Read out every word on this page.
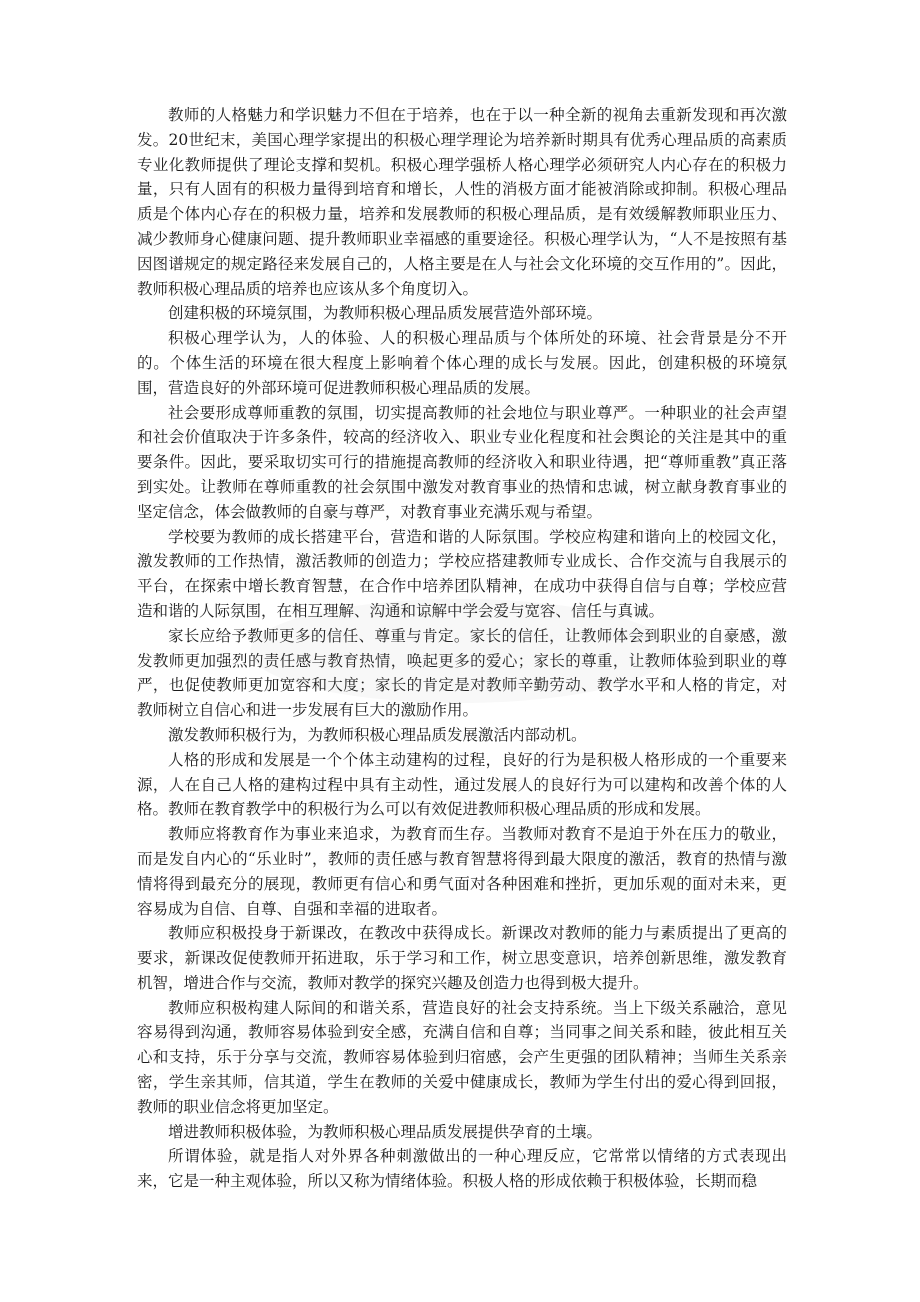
教师的人格魅力和学识魅力不但在于培养，也在于以一种全新的视角去重新发现和再次激发。20世纪末，美国心理学家提出的积极心理学理论为培养新时期具有优秀心理品质的高素质专业化教师提供了理论支撑和契机。积极心理学强桥人格心理学必须研究人内心存在的积极力量，只有人固有的积极力量得到培育和增长，人性的消极方面才能被消除或抑制。积极心理品质是个体内心存在的积极力量，培养和发展教师的积极心理品质，是有效缓解教师职业压力、减少教师身心健康问题、提升教师职业幸福感的重要途径。积极心理学认为，“人不是按照有基因图谱规定的规定路径来发展自己的，人格主要是在人与社会文化环境的交互作用的”。因此，教师积极心理品质的培养也应该从多个角度切入。

创建积极的环境氛围，为教师积极心理品质发展营造外部环境。

积极心理学认为，人的体验、人的积极心理品质与个体所处的环境、社会背景是分不开的。个体生活的环境在很大程度上影响着个体心理的成长与发展。因此，创建积极的环境氛围，营造良好的外部环境可促进教师积极心理品质的发展。

社会要形成尊师重教的氛围，切实提高教师的社会地位与职业尊严。一种职业的社会声望和社会价值取决于许多条件，较高的经济收入、职业专业化程度和社会舆论的关注是其中的重要条件。因此，要采取切实可行的措施提高教师的经济收入和职业待遇，把“尊师重教”真正落到实处。让教师在尊师重教的社会氛围中激发对教育事业的热情和忠诚，树立献身教育事业的坚定信念，体会做教师的自豪与尊严，对教育事业充满乐观与希望。

学校要为教师的成长搭建平台，营造和谐的人际氛围。学校应构建和谐向上的校园文化，激发教师的工作热情，激活教师的创造力；学校应搭建教师专业成长、合作交流与自我展示的平台，在探索中增长教育智慧，在合作中培养团队精神，在成功中获得自信与自尊；学校应营造和谐的人际氛围，在相互理解、沟通和谅解中学会爱与宽容、信任与真诚。

家长应给予教师更多的信任、尊重与肯定。家长的信任，让教师体会到职业的自豪感，激发教师更加强烈的责任感与教育热情，唤起更多的爱心；家长的尊重，让教师体验到职业的尊严，也促使教师更加宽容和大度；家长的肯定是对教师辛勤劳动、教学水平和人格的肯定，对教师树立自信心和进一步发展有巨大的激励作用。

激发教师积极行为，为教师积极心理品质发展激活内部动机。

人格的形成和发展是一个个体主动建构的过程，良好的行为是积极人格形成的一个重要来源，人在自己人格的建构过程中具有主动性，通过发展人的良好行为可以建构和改善个体的人格。教师在教育教学中的积极行为么可以有效促进教师积极心理品质的形成和发展。

教师应将教育作为事业来追求，为教育而生存。当教师对教育不是迫于外在压力的敬业，而是发自内心的“乐业时”，教师的责任感与教育智慧将得到最大限度的激活，教育的热情与激情将得到最充分的展现，教师更有信心和勇气面对各种困难和挫折，更加乐观的面对未来，更容易成为自信、自尊、自强和幸福的进取者。

教师应积极投身于新课改，在教改中获得成长。新课改对教师的能力与素质提出了更高的要求，新课改促使教师开拓进取，乐于学习和工作，树立思变意识，培养创新思维，激发教育机智，增进合作与交流，教师对教学的探究兴趣及创造力也得到极大提升。

教师应积极构建人际间的和谐关系，营造良好的社会支持系统。当上下级关系融洽，意见容易得到沟通，教师容易体验到安全感，充满自信和自尊；当同事之间关系和睦，彼此相互关心和支持，乐于分享与交流，教师容易体验到归宿感，会产生更强的团队精神；当师生关系亲密，学生亲其师，信其道，学生在教师的关爱中健康成长，教师为学生付出的爱心得到回报，教师的职业信念将更加坚定。

增进教师积极体验，为教师积极心理品质发展提供孕育的土壤。

所谓体验，就是指人对外界各种刺激做出的一种心理反应，它常常以情绪的方式表现出来，它是一种主观体验，所以又称为情绪体验。积极人格的形成依赖于积极体验，长期而稳
